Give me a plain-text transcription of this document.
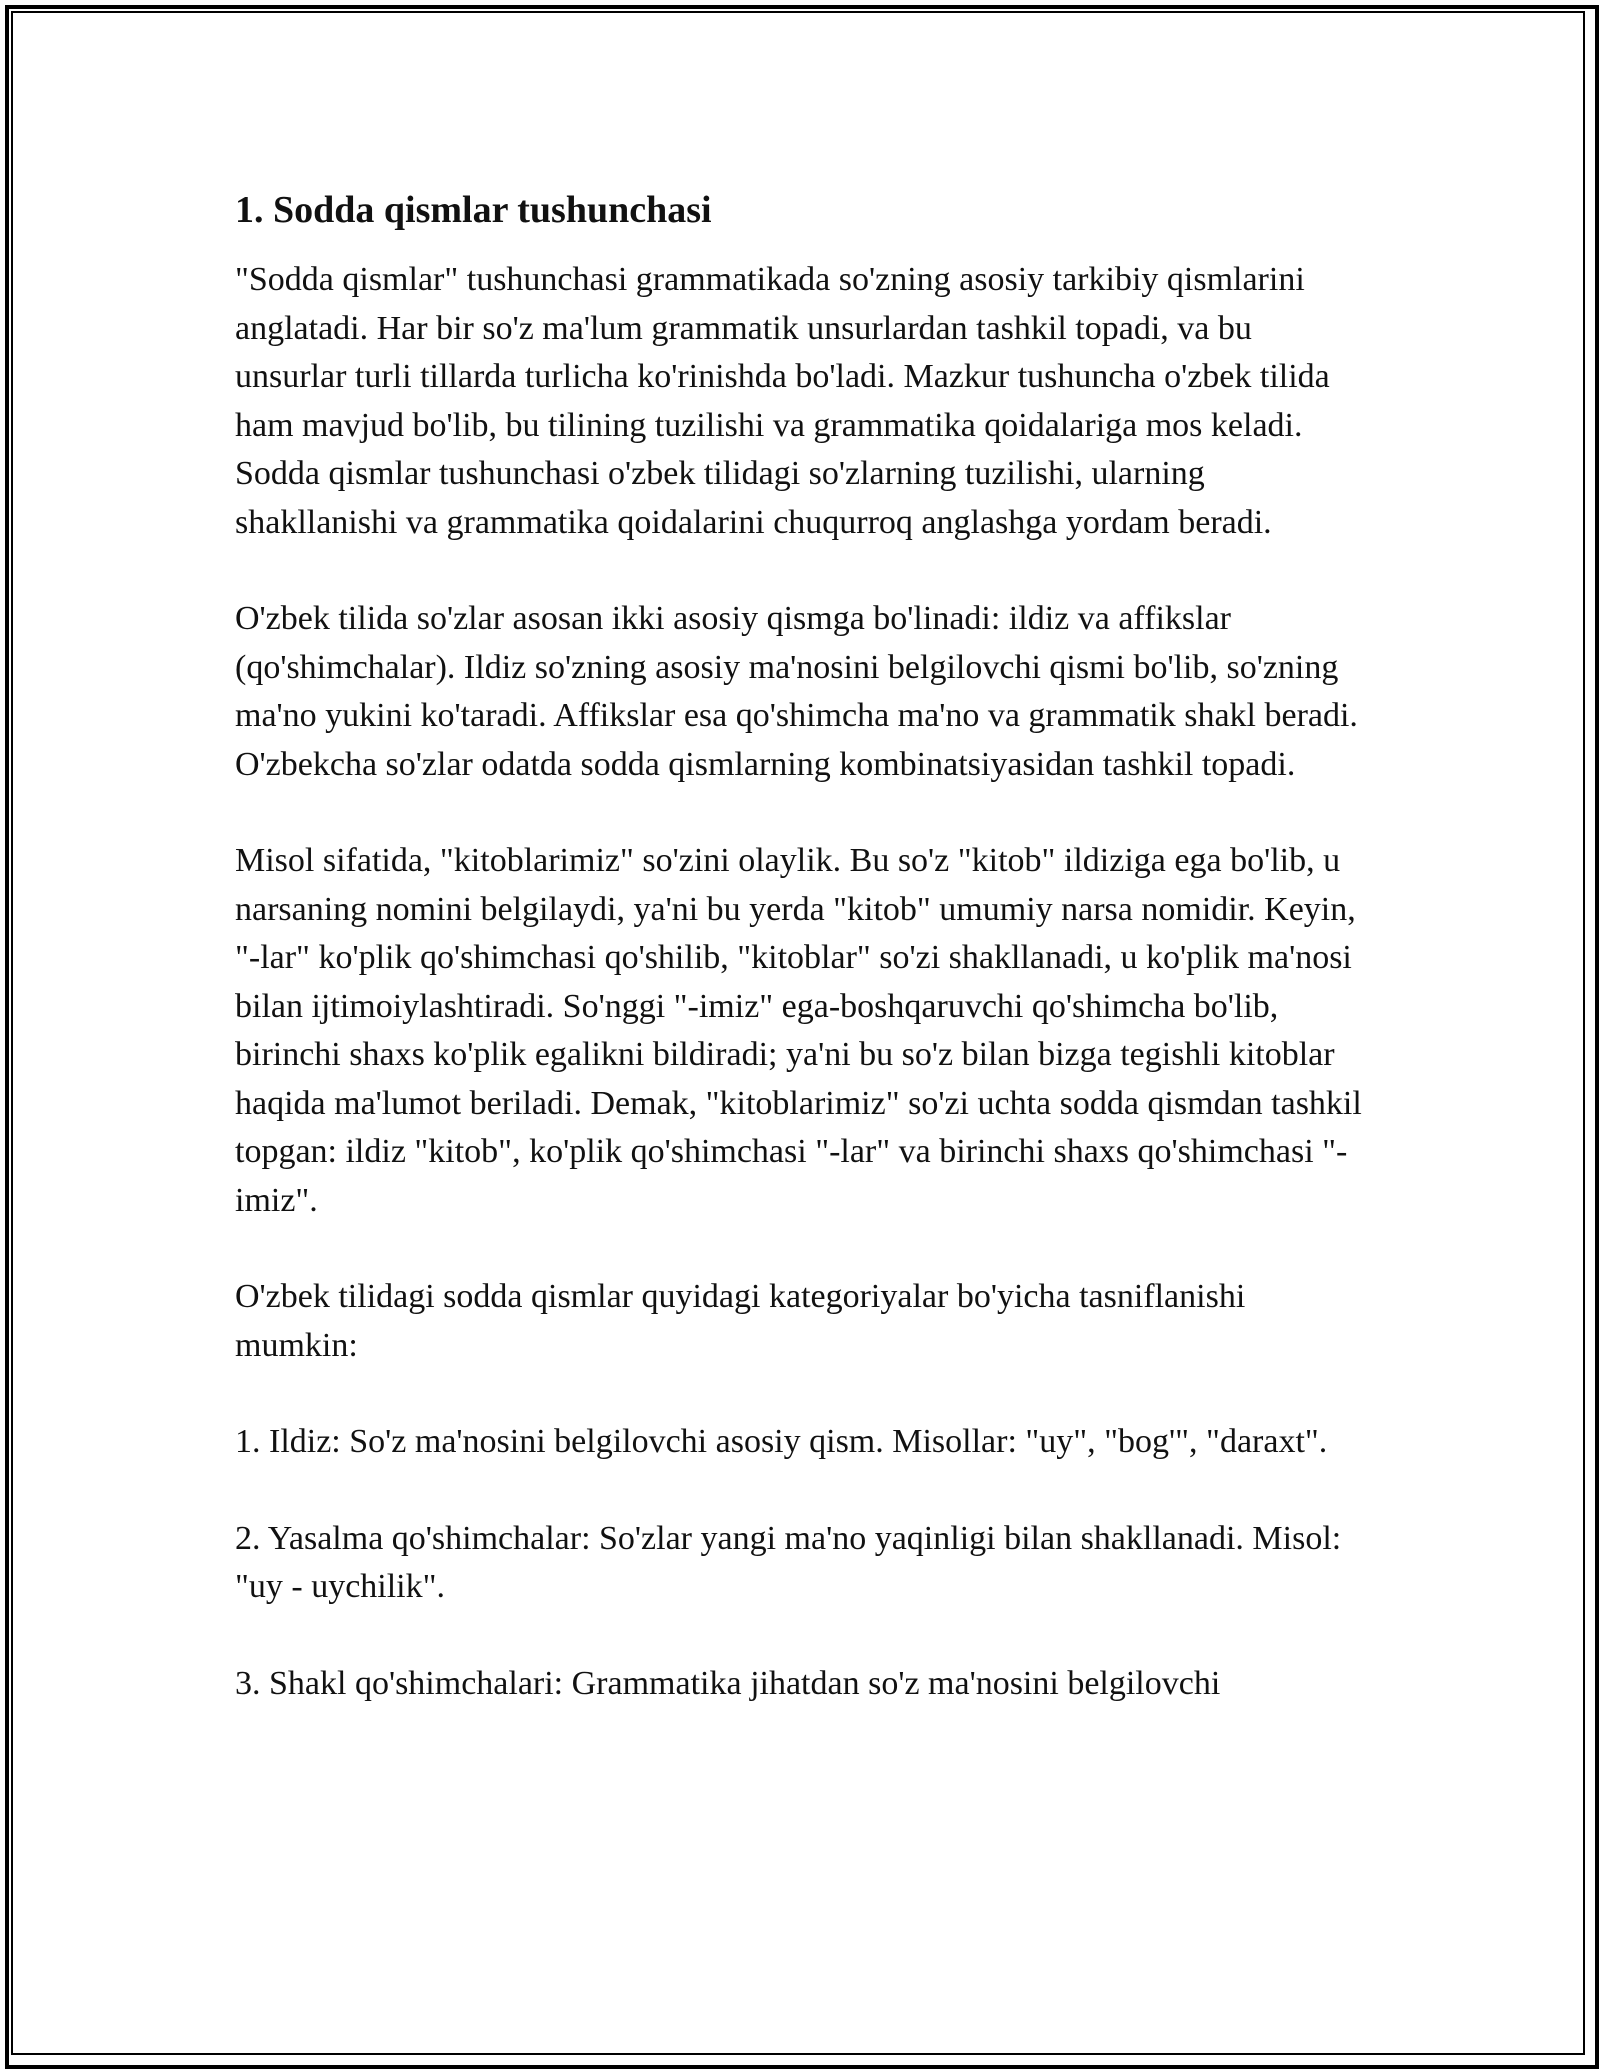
1. Sodda qismlar tushunchasi

"Sodda qismlar" tushunchasi grammatikada so'zning asosiy tarkibiy qismlarini anglatadi. Har bir so'z ma'lum grammatik unsurlardan tashkil topadi, va bu unsurlar turli tillarda turlicha ko'rinishda bo'ladi. Mazkur tushuncha o'zbek tilida ham mavjud bo'lib, bu tilining tuzilishi va grammatika qoidalariga mos keladi. Sodda qismlar tushunchasi o'zbek tilidagi so'zlarning tuzilishi, ularning shakllanishi va grammatika qoidalarini chuqurroq anglashga yordam beradi.

O'zbek tilida so'zlar asosan ikki asosiy qismga bo'linadi: ildiz va affikslar (qo'shimchalar). Ildiz so'zning asosiy ma'nosini belgilovchi qismi bo'lib, so'zning ma'no yukini ko'taradi. Affikslar esa qo'shimcha ma'no va grammatik shakl beradi. O'zbekcha so'zlar odatda sodda qismlarning kombinatsiyasidan tashkil topadi.

Misol sifatida, "kitoblarimiz" so'zini olaylik. Bu so'z "kitob" ildiziga ega bo'lib, u narsaning nomini belgilaydi, ya'ni bu yerda "kitob" umumiy narsa nomidir. Keyin, "-lar" ko'plik qo'shimchasi qo'shilib, "kitoblar" so'zi shakllanadi, u ko'plik ma'nosi bilan ijtimoiylashtiradi. So'nggi "-imiz" ega-boshqaruvchi qo'shimcha bo'lib, birinchi shaxs ko'plik egalikni bildiradi; ya'ni bu so'z bilan bizga tegishli kitoblar haqida ma'lumot beriladi. Demak, "kitoblarimiz" so'zi uchta sodda qismdan tashkil topgan: ildiz "kitob", ko'plik qo'shimchasi "-lar" va birinchi shaxs qo'shimchasi "-imiz".

O'zbek tilidagi sodda qismlar quyidagi kategoriyalar bo'yicha tasniflanishi mumkin:

1. Ildiz: So'z ma'nosini belgilovchi asosiy qism. Misollar: "uy", "bog'", "daraxt".

2. Yasalma qo'shimchalar: So'zlar yangi ma'no yaqinligi bilan shakllanadi. Misol: "uy - uychilik".

3. Shakl qo'shimchalari: Grammatika jihatdan so'z ma'nosini belgilovchi
